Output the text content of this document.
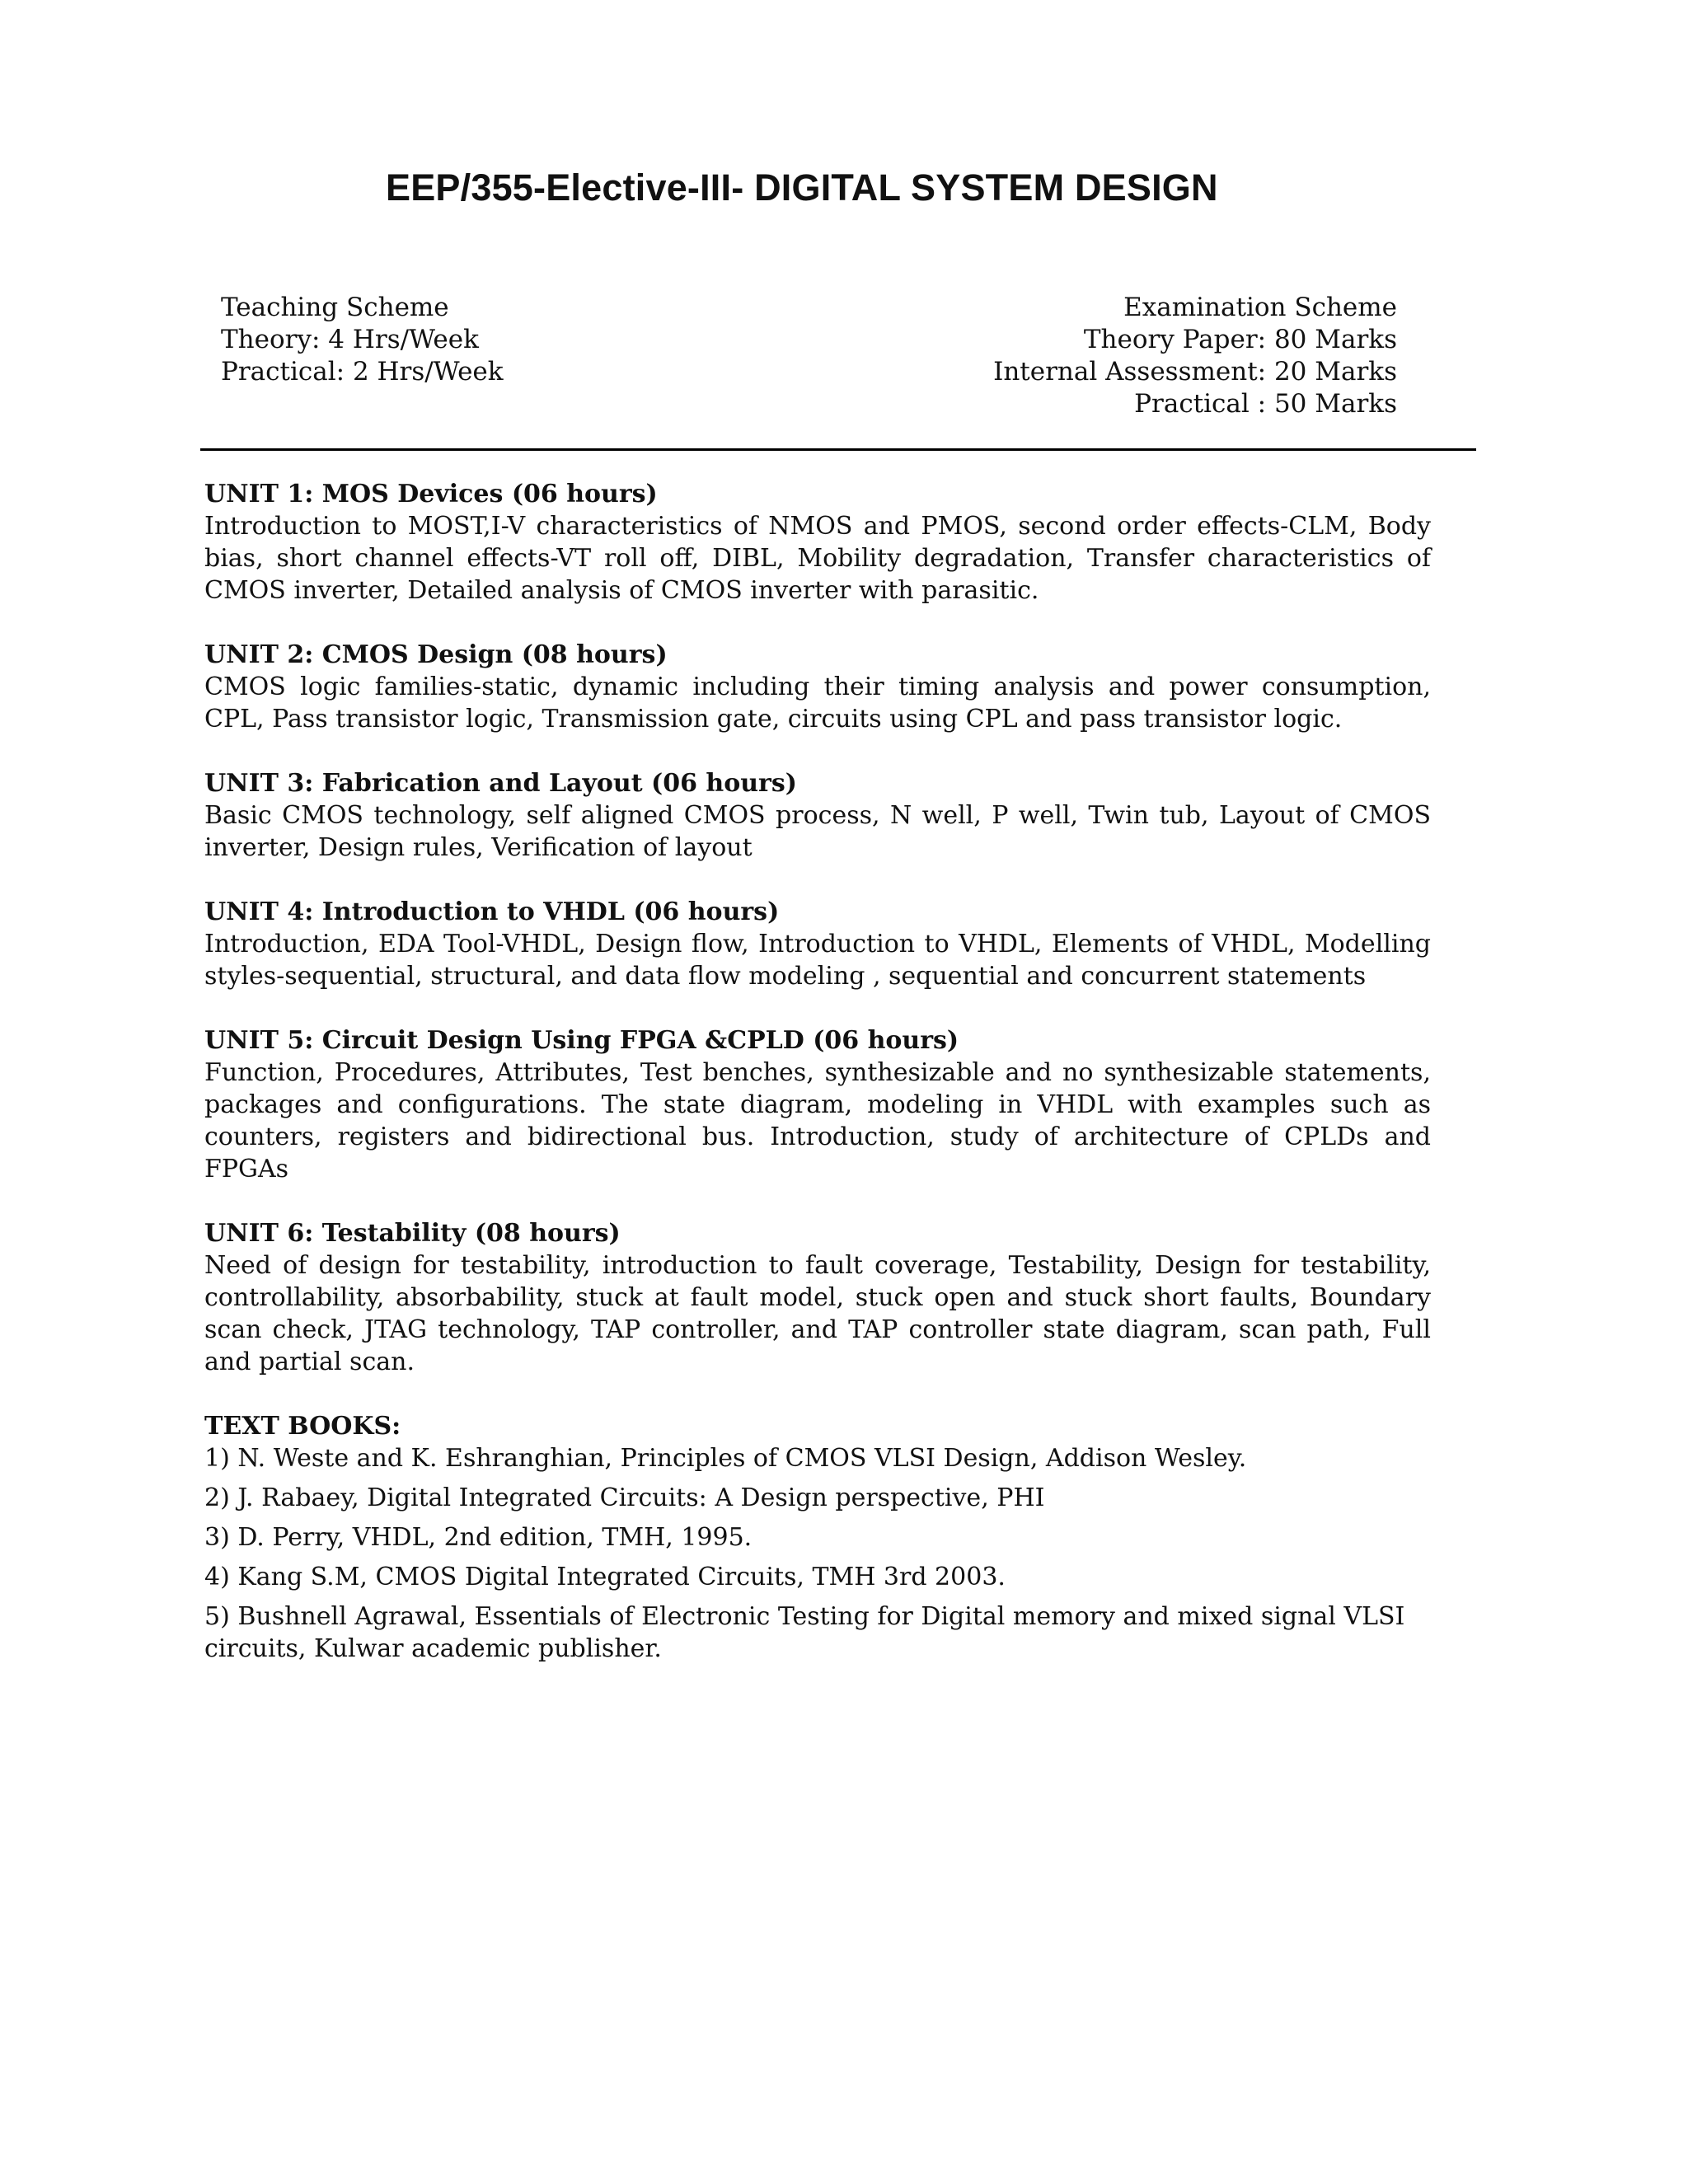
EEP/355-Elective-III- DIGITAL SYSTEM DESIGN
Teaching Scheme
Theory: 4 Hrs/Week
Practical: 2 Hrs/Week
Examination Scheme
Theory Paper: 80 Marks
Internal Assessment: 20 Marks
Practical : 50 Marks

UNIT 1: MOS Devices (06 hours)

Introduction to MOST,I-V characteristics of NMOS and PMOS, second order effects-CLM, Body bias, short channel effects-VT roll off, DIBL, Mobility degradation, Transfer characteristics of CMOS inverter, Detailed analysis of CMOS inverter with parasitic.

UNIT 2: CMOS Design (08 hours)

CMOS logic families-static, dynamic including their timing analysis and power consumption, CPL, Pass transistor logic, Transmission gate, circuits using CPL and pass transistor logic.

UNIT 3: Fabrication and Layout (06 hours)

Basic CMOS technology, self aligned CMOS process, N well, P well, Twin tub, Layout of CMOS inverter, Design rules, Verification of layout

UNIT 4: Introduction to VHDL (06 hours)

Introduction, EDA Tool-VHDL, Design flow, Introduction to VHDL, Elements of VHDL, Modelling styles-sequential, structural, and data flow modeling , sequential and concurrent statements

UNIT 5: Circuit Design Using FPGA &CPLD (06 hours)

Function, Procedures, Attributes, Test benches, synthesizable and no synthesizable statements, packages and configurations. The state diagram, modeling in VHDL with examples such as counters, registers and bidirectional bus. Introduction, study of architecture of CPLDs and FPGAs

UNIT 6: Testability (08 hours)

Need of design for testability, introduction to fault coverage, Testability, Design for testability, controllability, absorbability, stuck at fault model, stuck open and stuck short faults, Boundary scan check, JTAG technology, TAP controller, and TAP controller state diagram, scan path, Full and partial scan.

TEXT BOOKS:

1) N. Weste and K. Eshranghian, Principles of CMOS VLSI Design, Addison Wesley.

2) J. Rabaey, Digital Integrated Circuits: A Design perspective, PHI

3) D. Perry, VHDL, 2nd edition, TMH, 1995.

4) Kang S.M, CMOS Digital Integrated Circuits, TMH 3rd 2003.

5) Bushnell Agrawal, Essentials of Electronic Testing for Digital memory and mixed signal VLSI circuits, Kulwar academic publisher.
